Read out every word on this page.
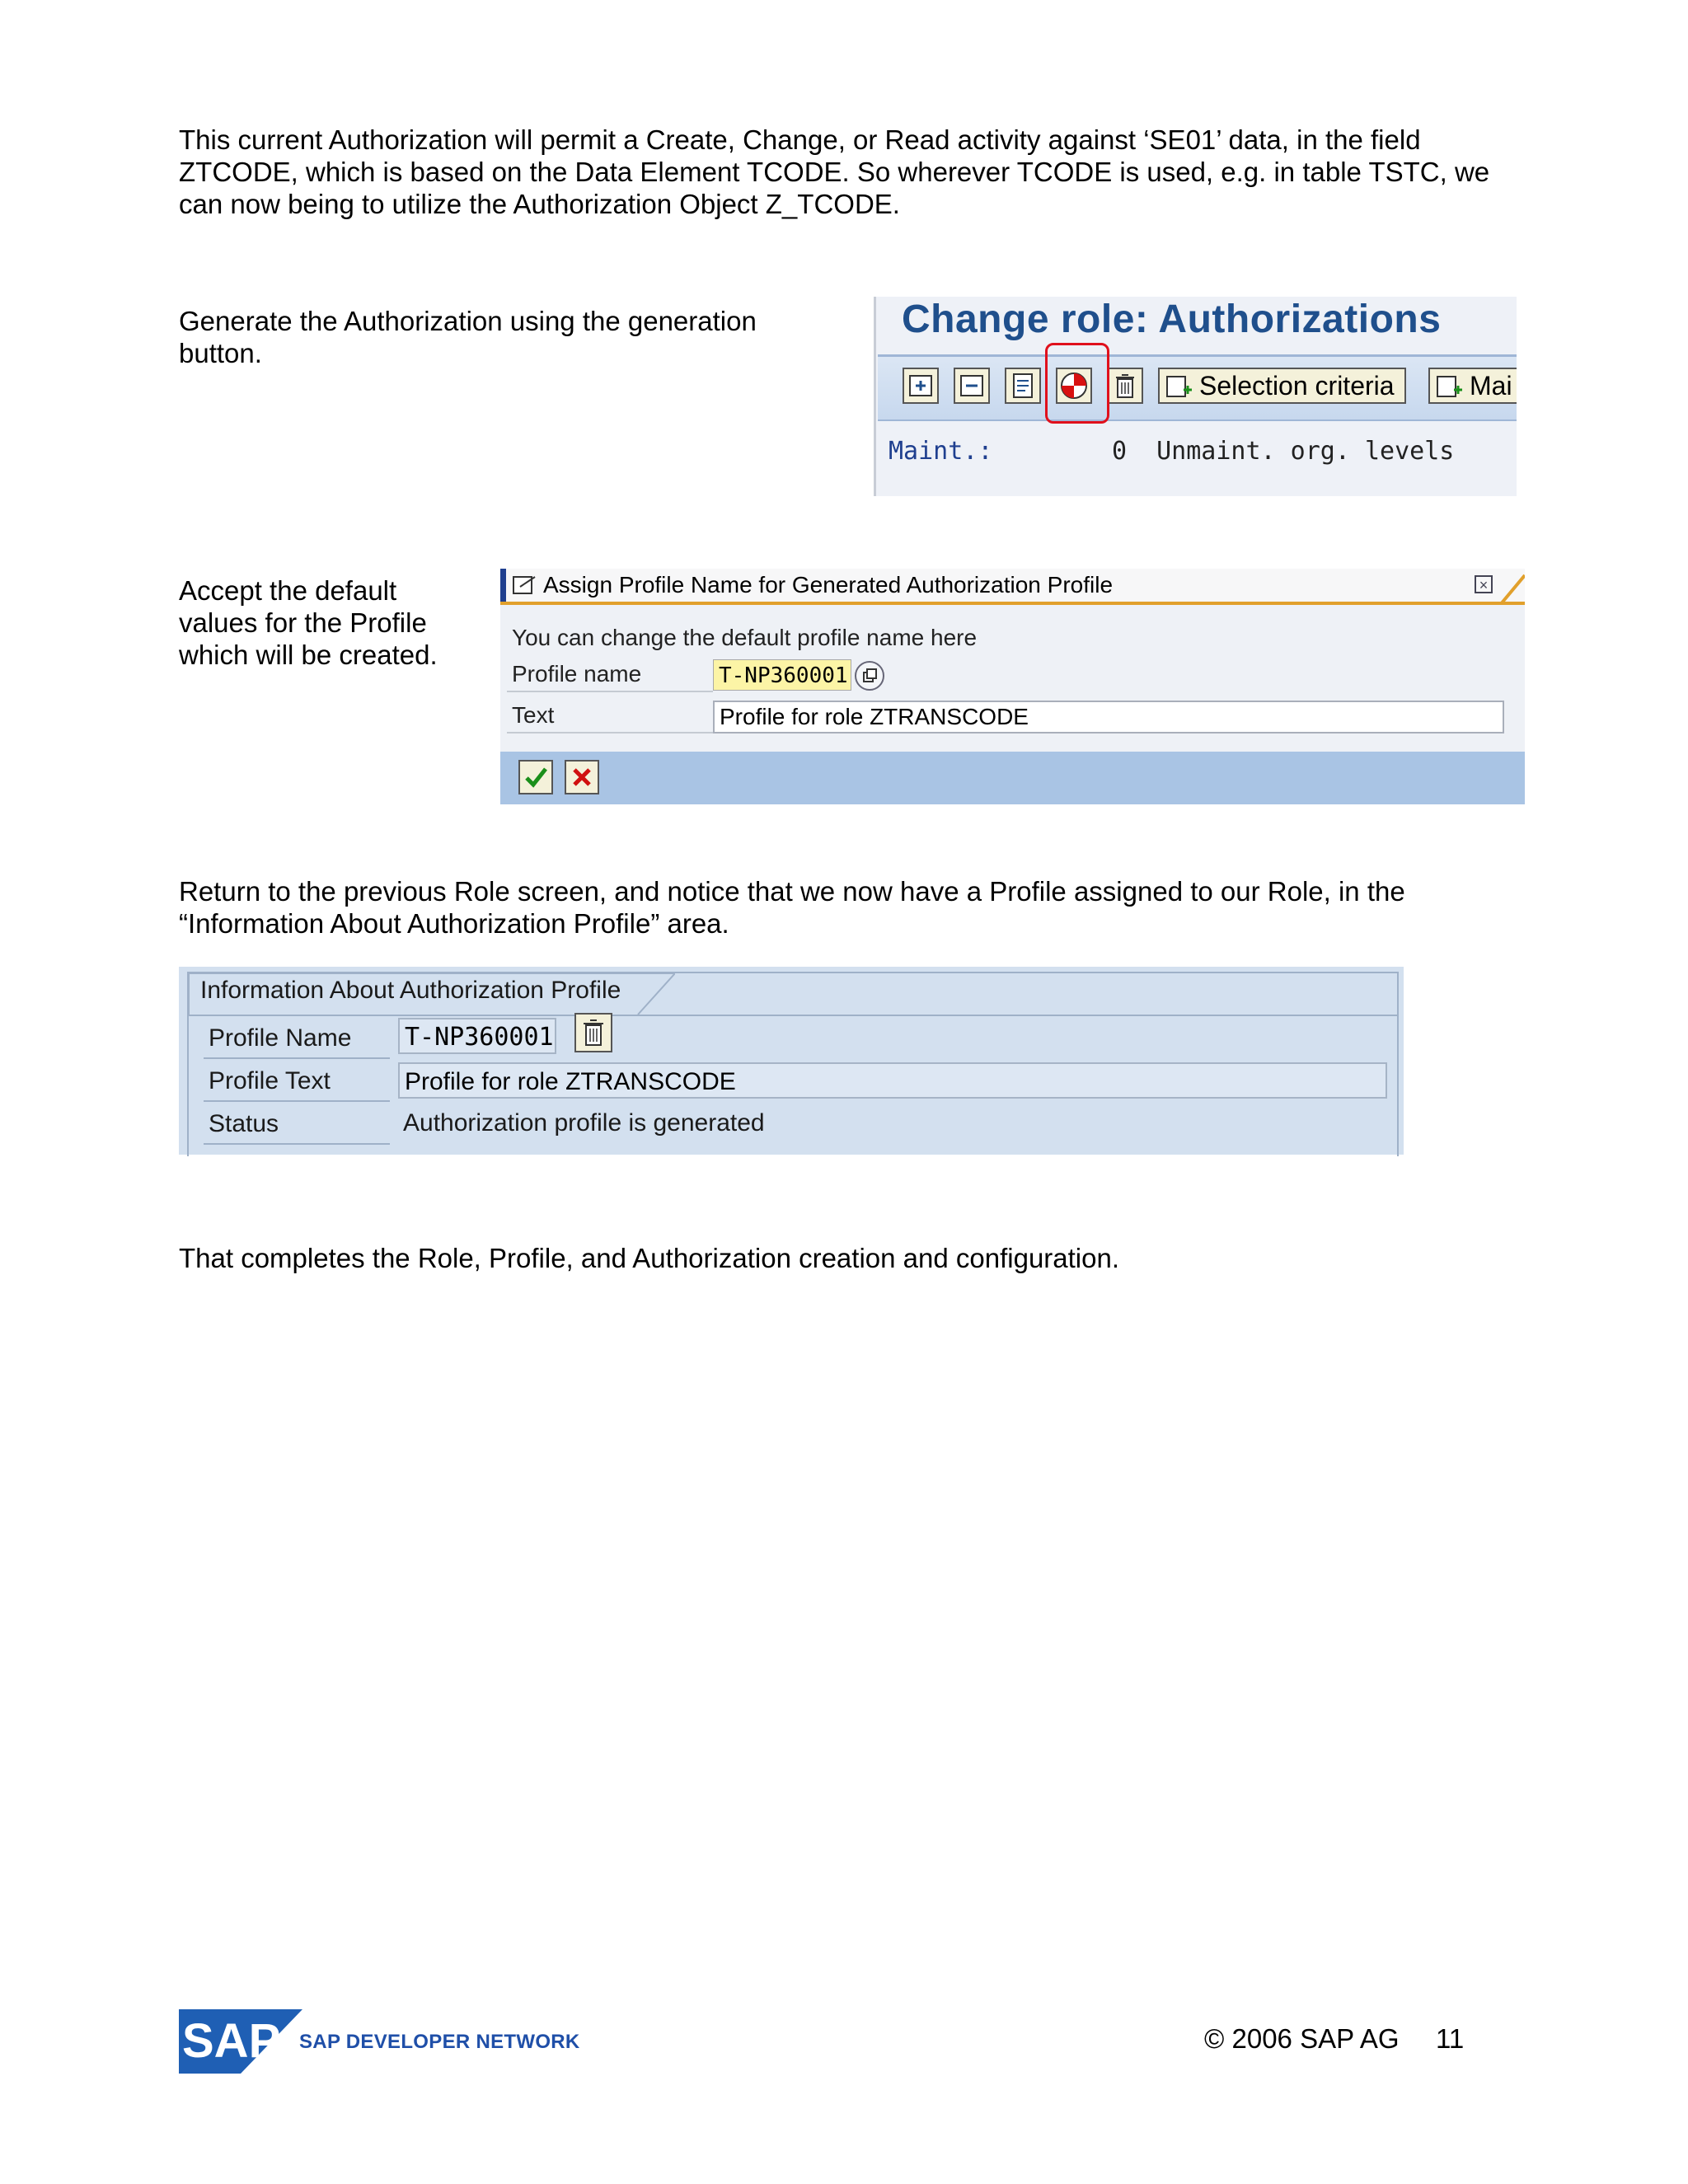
This current Authorization will permit a Create, Change, or Read activity against ‘SE01’ data, in the field ZTCODE, which is based on the Data Element TCODE. So wherever TCODE is used, e.g. in table TSTC, we can now being to utilize the Authorization Object Z_TCODE.

Generate the Authorization using the generation button.

Accept the default values for the Profile which will be created.

Return to the previous Role screen, and notice that we now have a Profile assigned to our Role, in the “Information About Authorization Profile” area.

That completes the Role, Profile, and Authorization creation and configuration.

Change role: Authorizations
Selection criteria	Mai
Maint.:	0 Unmaint. org. levels
Assign Profile Name for Generated Authorization Profile	×
You can change the default profile name here
Profile name	T-NP360001
Text	Profile for role ZTRANSCODE
Information About Authorization Profile
Profile Name	T-NP360001
Profile Text	Profile for role ZTRANSCODE
Status	Authorization profile is generated
SAP SAP DEVELOPER NETWORK	© 2006 SAP AG 11
